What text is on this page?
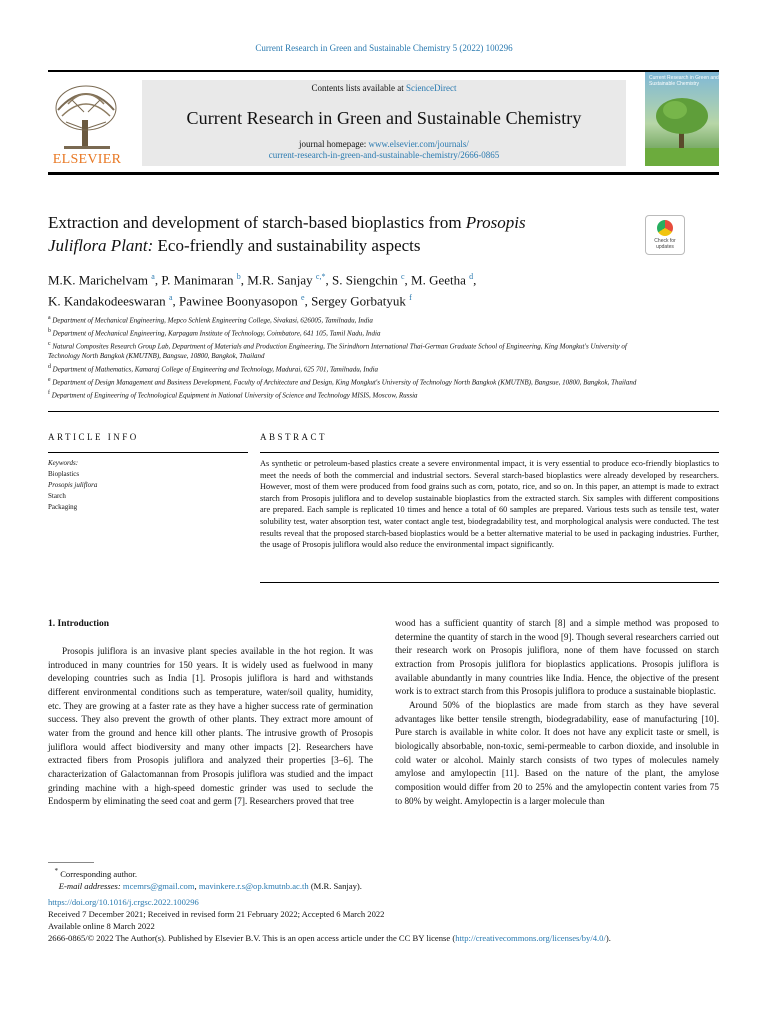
Current Research in Green and Sustainable Chemistry 5 (2022) 100296
ELSEVIER
Contents lists available at ScienceDirect
Current Research in Green and Sustainable Chemistry
journal homepage: www.elsevier.com/journals/
current-research-in-green-and-sustainable-chemistry/2666-0865
Current Research in Green and Sustainable Chemistry
Extraction and development of starch-based bioplastics from Prosopis
Juliflora Plant: Eco-friendly and sustainability aspects	Check for updates
M.K. Marichelvam $^a$, P. Manimaran $^b$, M.R. Sanjay $^{c,*}$, S. Siengchin $^c$, M. Geetha $^d$,
K. Kandakodeeswaran $^a$, Pawinee Boonyasopon $^e$, Sergey Gorbatyuk $^f$

$^a$ Department of Mechanical Engineering, Mepco Schlenk Engineering College, Sivakasi, 626005, Tamilnadu, India

$^b$ Department of Mechanical Engineering, Karpagam Institute of Technology, Coimbatore, 641 105, Tamil Nadu, India

$^c$ Natural Composites Research Group Lab, Department of Materials and Production Engineering, The Sirindhorn International Thai-German Graduate School of Engineering, King Mongkut's University of Technology North Bangkok (KMUTNB), Bangsue, 10800, Bangkok, Thailand

$^d$ Department of Mathematics, Kamaraj College of Engineering and Technology, Madurai, 625 701, Tamilnadu, India

$^e$ Department of Design Management and Business Development, Faculty of Architecture and Design, King Mongkut's University of Technology North Bangkok (KMUTNB), Bangsue, 10800, Bangkok, Thailand

$^f$ Department of Engineering of Technological Equipment in National University of Science and Technology MISIS, Moscow, Russia

ARTICLE INFO
Keywords:
Bioplastics
Prosopis juliflora
Starch
Packaging
ABSTRACT
As synthetic or petroleum-based plastics create a severe environmental impact, it is very essential to produce eco-friendly bioplastics to meet the needs of both the commercial and industrial sectors. Several starch-based bioplastics were already developed by researchers. However, most of them were produced from food grains such as corn, potato, rice, and so on. In this paper, an attempt is made to extract starch from Prosopis juliflora and to develop sustainable bioplastics from the extracted starch. Six samples with different compositions are prepared. Each sample is replicated 10 times and hence a total of 60 samples are prepared. Various tests such as tensile test, water solubility test, water absorption test, water contact angle test, biodegradability test, and morphological analysis were conducted. The test results reveal that the proposed starch-based bioplastics would be a better alternative material to be used in packaging industries. Further, the usage of Prosopis juliflora would also reduce the environmental impact significantly.
1. Introduction

Prosopis juliflora is an invasive plant species available in the hot region. It was introduced in many countries for 150 years. It is widely used as fuelwood in many developing countries such as India [1]. Prosopis juliflora is hard and withstands different environmental conditions such as temperature, water/soil quality, humidity, etc. They are growing at a faster rate as they have a higher success rate of germination success. They also prevent the growth of other plants. They extract more amount of water from the ground and hence kill other plants. The intrusive growth of Prosopis juliflora would affect biodiversity and many other impacts [2]. Researchers have extracted fibers from Prosopis juliflora and analyzed their properties [3–6]. The characterization of Galactomannan from Prosopis juliflora was studied and the impact grinding machine with a high-speed domestic grinder was used to seclude the Endosperm by eliminating the seed coat and germ [7]. Researchers proved that tree

wood has a sufficient quantity of starch [8] and a simple method was proposed to determine the quantity of starch in the wood [9]. Though several researchers carried out their research work on Prosopis juliflora, none of them have focussed on starch extraction from Prosopis juliflora for bioplastics applications. Prosopis juliflora is available abundantly in many countries like India. Hence, the objective of the present work is to extract starch from this Prosopis juliflora to produce a sustainable bioplastic.

Around 50% of the bioplastics are made from starch as they have several advantages like better tensile strength, biodegradability, ease of manufacturing [10]. Pure starch is available in white color. It does not have any explicit taste or smell, is biologically absorbable, non-toxic, semi-permeable to carbon dioxide, and insoluble in cold water or alcohol. Mainly starch consists of two types of molecules namely amylose and amylopectin [11]. Based on the nature of the plant, the amylose composition would differ from 20 to 25% and the amylopectin content varies from 75 to 80% by weight. Amylopectin is a larger molecule than

* Corresponding author.

E-mail addresses: mcemrs@gmail.com, mavinkere.r.s@op.kmutnb.ac.th (M.R. Sanjay).

https://doi.org/10.1016/j.crgsc.2022.100296

Received 7 December 2021; Received in revised form 21 February 2022; Accepted 6 March 2022

Available online 8 March 2022

2666-0865/© 2022 The Author(s). Published by Elsevier B.V. This is an open access article under the CC BY license (http://creativecommons.org/licenses/by/4.0/).
